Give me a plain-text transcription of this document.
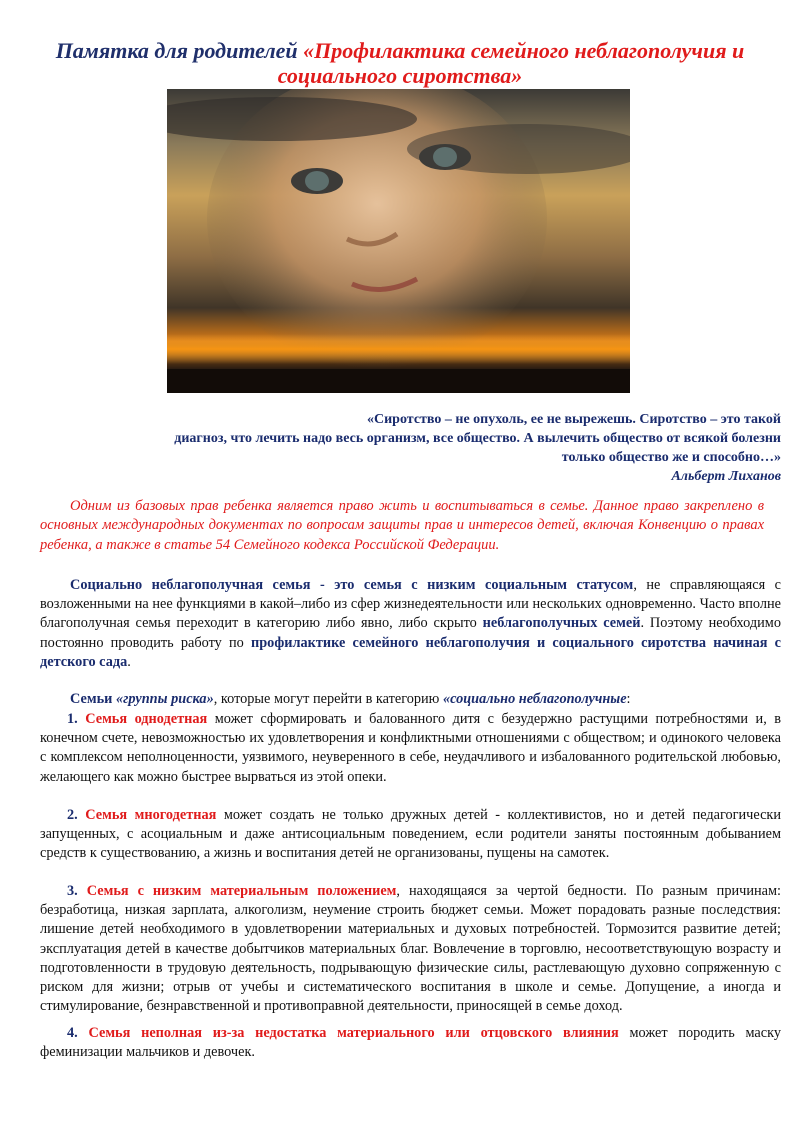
Памятка для родителей «Профилактика семейного неблагополучия и социального сиротства»
«Сиротство – не опухоль, ее не вырежешь. Сиротство – это такой
диагноз, что лечить надо весь организм, все общество. А вылечить общество от всякой болезни
только общество же и способно…»
Альберт Лиханов
Одним из базовых прав ребенка является право жить и воспитываться в семье. Данное право закреплено в основных международных документах по вопросам защиты прав и интересов детей, включая Конвенцию о правах ребенка, а также в статье 54 Семейного кодекса Российской Федерации.
Социально неблагополучная семья - это семья с низким социальным статусом, не справляющаяся с возложенными на нее функциями в какой–либо из сфер жизнедеятельности или нескольких одновременно. Часто вполне благополучная семья переходит в категорию либо явно, либо скрыто неблагополучных семей. Поэтому необходимо постоянно проводить работу по профилактике семейного неблагополучия и социального сиротства начиная с детского сада.
Семьи «группы риска», которые могут перейти в категорию «социально неблагополучные:
1. Семья однодетная может сформировать и балованного дитя с безудержно растущими потребностями и, в конечном счете, невозможностью их удовлетворения и конфликтными отношениями с обществом; и одинокого человека с комплексом неполноценности, уязвимого, неуверенного в себе, неудачливого и избалованного родительской любовью, желающего как можно быстрее вырваться из этой опеки.
2. Семья многодетная может создать не только дружных детей - коллективистов, но и детей педагогически запущенных, с асоциальным и даже антисоциальным поведением, если родители заняты постоянным добыванием средств к существованию, а жизнь и воспитания детей не организованы, пущены на самотек.
3. Семья с низким материальным положением, находящаяся за чертой бедности. По разным причинам: безработица, низкая зарплата, алкоголизм, неумение строить бюджет семьи. Может порадовать разные последствия: лишение детей необходимого в удовлетворении материальных и духовых потребностей. Тормозится развитие детей; эксплуатация детей в качестве добытчиков материальных благ. Вовлечение в торговлю, несоответствующую возрасту и подготовленности в трудовую деятельность, подрывающую физические силы, растлевающую духовно сопряженную с риском для жизни; отрыв от учебы и систематического воспитания в школе и семье. Допущение, а иногда и стимулирование, безнравственной и противоправной деятельности, приносящей в семье доход.
4. Семья неполная из-за недостатка материального или отцовского влияния может породить маску феминизации мальчиков и девочек.
